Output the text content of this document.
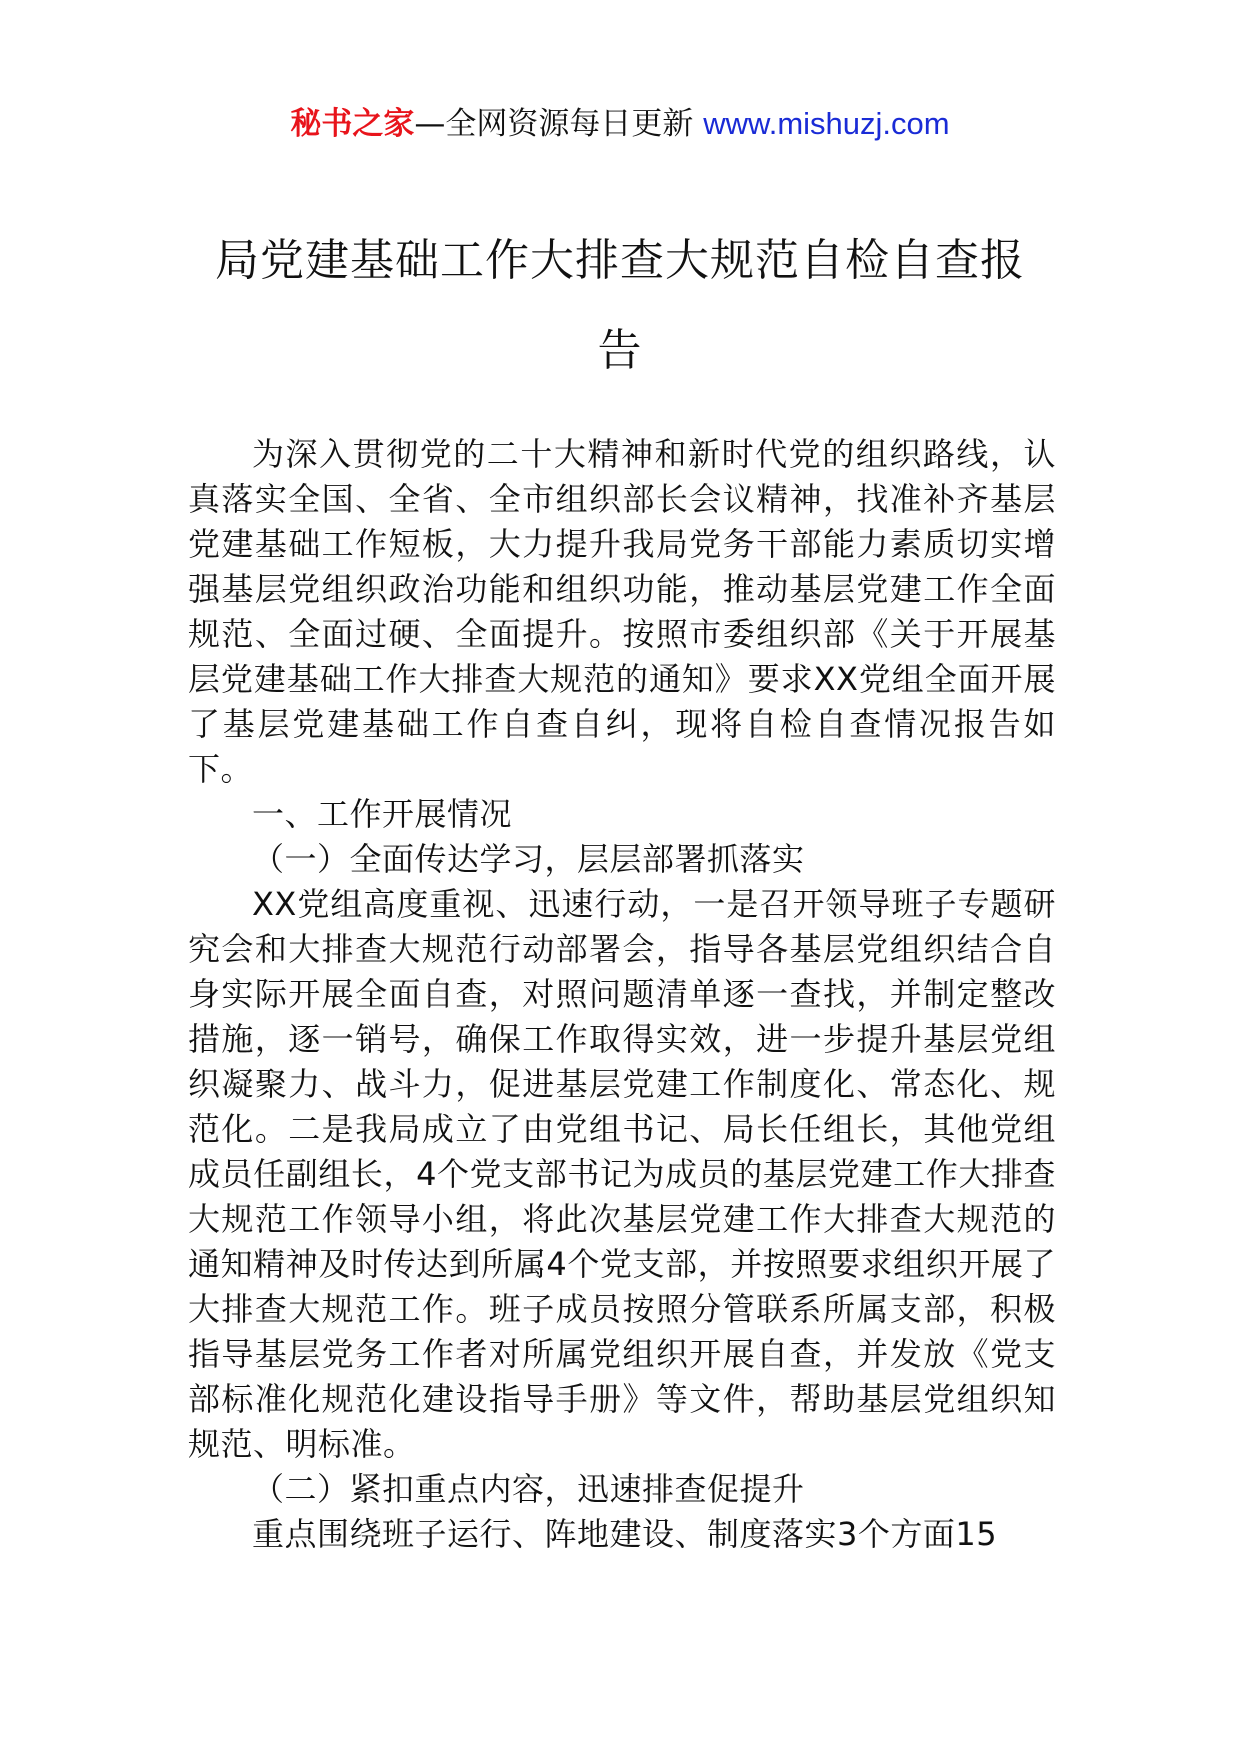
秘书之家—全网资源每日更新 www.mishuzj.com
局党建基础工作大排查大规范自检自查报告

为深入贯彻党的二十大精神和新时代党的组织路线，认真落实全国、全省、全市组织部长会议精神，找准补齐基层党建基础工作短板，大力提升我局党务干部能力素质切实增强基层党组织政治功能和组织功能，推动基层党建工作全面规范、全面过硬、全面提升。按照市委组织部《关于开展基层党建基础工作大排查大规范的通知》要求XX党组全面开展了基层党建基础工作自查自纠，现将自检自查情况报告如下。

一、工作开展情况

（一）全面传达学习，层层部署抓落实

XX党组高度重视、迅速行动，一是召开领导班子专题研究会和大排查大规范行动部署会，指导各基层党组织结合自身实际开展全面自查，对照问题清单逐一查找，并制定整改措施，逐一销号，确保工作取得实效，进一步提升基层党组织凝聚力、战斗力，促进基层党建工作制度化、常态化、规范化。二是我局成立了由党组书记、局长任组长，其他党组成员任副组长，4个党支部书记为成员的基层党建工作大排查大规范工作领导小组，将此次基层党建工作大排查大规范的通知精神及时传达到所属4个党支部，并按照要求组织开展了大排查大规范工作。班子成员按照分管联系所属支部，积极指导基层党务工作者对所属党组织开展自查，并发放《党支部标准化规范化建设指导手册》等文件，帮助基层党组织知规范、明标准。

（二）紧扣重点内容，迅速排查促提升

重点围绕班子运行、阵地建设、制度落实3个方面15
